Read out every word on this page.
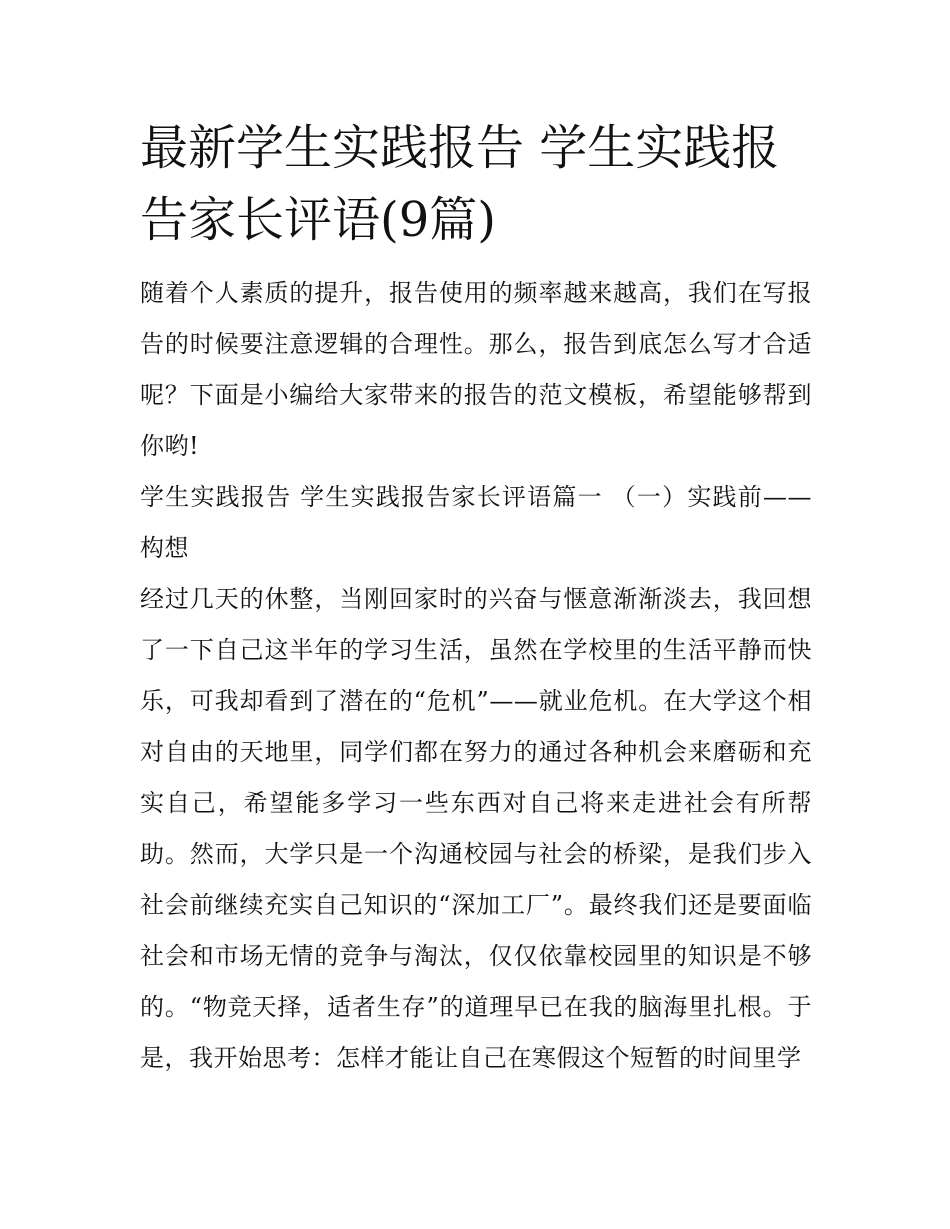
最新学生实践报告 学生实践报告家长评语(9篇)

随着个人素质的提升，报告使用的频率越来越高，我们在写报告的时候要注意逻辑的合理性。那么，报告到底怎么写才合适呢？下面是小编给大家带来的报告的范文模板，希望能够帮到你哟!

学生实践报告 学生实践报告家长评语篇一 （一）实践前——构想

经过几天的休整，当刚回家时的兴奋与惬意渐渐淡去，我回想了一下自己这半年的学习生活，虽然在学校里的生活平静而快乐，可我却看到了潜在的“危机”——就业危机。在大学这个相对自由的天地里，同学们都在努力的通过各种机会来磨砺和充实自己，希望能多学习一些东西对自己将来走进社会有所帮助。然而，大学只是一个沟通校园与社会的桥梁，是我们步入社会前继续充实自己知识的“深加工厂”。最终我们还是要面临社会和市场无情的竞争与淘汰，仅仅依靠校园里的知识是不够的。“物竞天择，适者生存”的道理早已在我的脑海里扎根。于是，我开始思考：怎样才能让自己在寒假这个短暂的时间里学
